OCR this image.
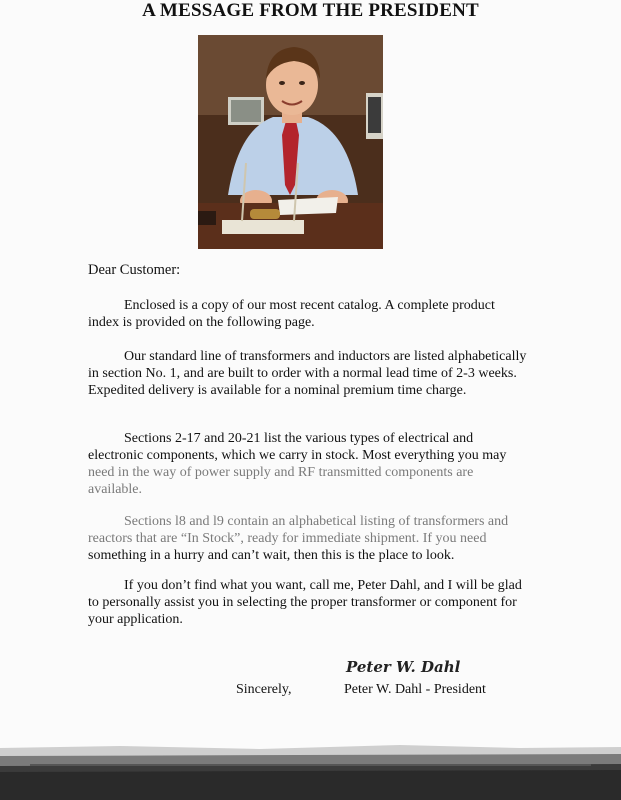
A MESSAGE FROM THE PRESIDENT
Dear Customer:
Enclosed is a copy of our most recent catalog. A complete product index is provided on the following page.
Our standard line of transformers and inductors are listed alphabetically in section No. 1, and are built to order with a normal lead time of 2-3 weeks. Expedited delivery is available for a nominal premium time charge.
Sections 2-17 and 20-21 list the various types of electrical and electronic components, which we carry in stock. Most everything you may need in the way of power supply and RF transmitted components are available.
Sections l8 and l9 contain an alphabetical listing of transformers and reactors that are “In Stock”, ready for immediate shipment. If you need something in a hurry and can’t wait, then this is the place to look.
If you don’t find what you want, call me, Peter Dahl, and I will be glad to personally assist you in selecting the proper transformer or component for your application.
Peter W. Dahl
Sincerely,	Peter W. Dahl - President
